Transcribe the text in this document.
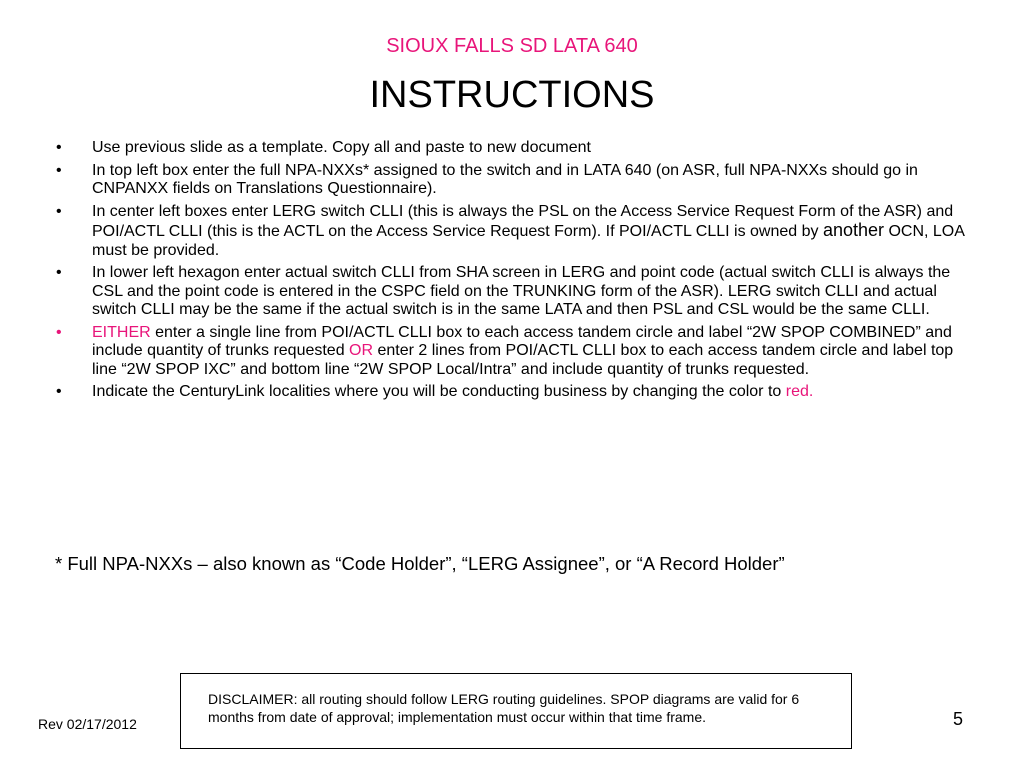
SIOUX FALLS SD LATA 640
INSTRUCTIONS
• Use previous slide as a template. Copy all and paste to new document
• In top left box enter the full NPA-NXXs* assigned to the switch and in LATA 640 (on ASR, full NPA-NXXs should go in CNPANXX fields on Translations Questionnaire).
• In center left boxes enter LERG switch CLLI (this is always the PSL on the Access Service Request Form of the ASR) and POI/ACTL CLLI (this is the ACTL on the Access Service Request Form). If POI/ACTL CLLI is owned by another OCN, LOA must be provided.
• In lower left hexagon enter actual switch CLLI from SHA screen in LERG and point code (actual switch CLLI is always the CSL and the point code is entered in the CSPC field on the TRUNKING form of the ASR). LERG switch CLLI and actual switch CLLI may be the same if the actual switch is in the same LATA and then PSL and CSL would be the same CLLI.
• EITHER enter a single line from POI/ACTL CLLI box to each access tandem circle and label “2W SPOP COMBINED” and include quantity of trunks requested OR enter 2 lines from POI/ACTL CLLI box to each access tandem circle and label top line “2W SPOP IXC” and bottom line “2W SPOP Local/Intra” and include quantity of trunks requested.
• Indicate the CenturyLink localities where you will be conducting business by changing the color to red.
* Full NPA-NXXs – also known as “Code Holder”, “LERG Assignee”, or “A Record Holder”
DISCLAIMER: all routing should follow LERG routing guidelines. SPOP diagrams are valid for 6 months from date of approval; implementation must occur within that time frame.
Rev 02/17/2012	5
